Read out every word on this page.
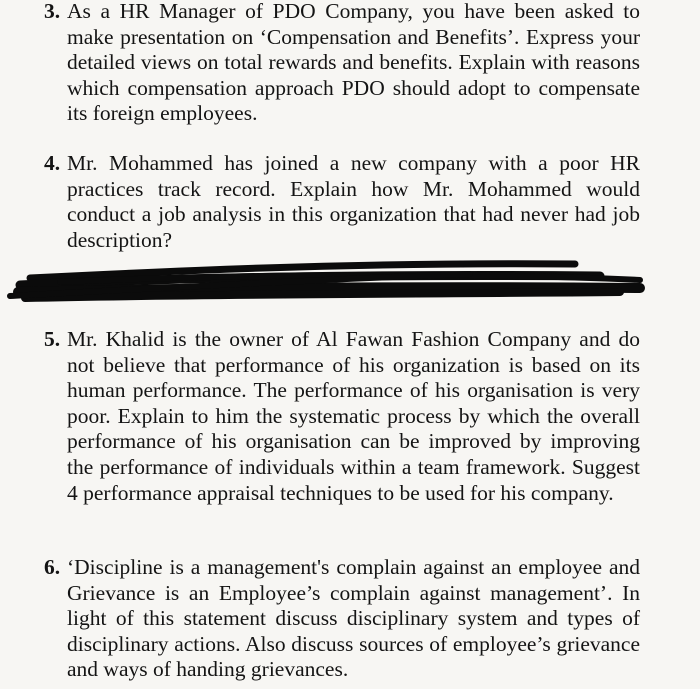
3. As a HR Manager of PDO Company, you have been asked to make presentation on ‘Compensation and Benefits’. Express your detailed views on total rewards and benefits. Explain with reasons which compensation approach PDO should adopt to compensate its foreign employees.
4. Mr. Mohammed has joined a new company with a poor HR practices track record. Explain how Mr. Mohammed would conduct a job analysis in this organization that had never had job description?
Sectio..B
5. Mr. Khalid is the owner of Al Fawan Fashion Company and do not believe that performance of his organization is based on its human performance. The performance of his organisation is very poor. Explain to him the systematic process by which the overall performance of his organisation can be improved by improving the performance of individuals within a team framework. Suggest 4 performance appraisal techniques to be used for his company.
6. ‘Discipline is a management's complain against an employee and Grievance is an Employee’s complain against management’. In light of this statement discuss disciplinary system and types of disciplinary actions. Also discuss sources of employee’s grievance and ways of handing grievances.
